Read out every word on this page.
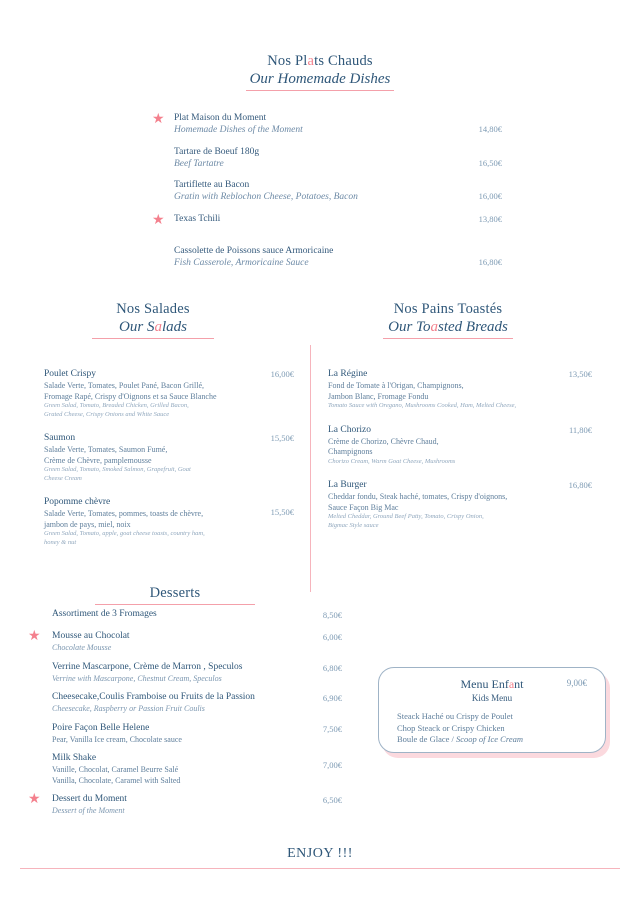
Nos Plats Chauds
Our Homemade Dishes
★ Plat Maison du Moment
Homemade Dishes of the Moment	14,80€
Tartare de Boeuf 180g
Beef Tartatre	16,50€
Tartiflette au Bacon
Gratin with Reblochon Cheese, Potatoes, Bacon	16,00€
★ Texas Tchili	13,80€
Cassolette de Poissons sauce Armoricaine
Fish Casserole, Armoricaine Sauce	16,80€
Nos Salades
Our Salads
Poulet Crispy
Salade Verte, Tomates, Poulet Pané, Bacon Grillé,
Fromage Rapé, Crispy d'Oignons et sa Sauce Blanche
Green Salad, Tomato, Breaded Chicken, Grilled Bacon,
Grated Cheese, Crispy Onions and White Sauce
16,00€
Saumon
Salade Verte, Tomates, Saumon Fumé,
Crème de Chèvre, pamplemousse
Green Salad, Tomato, Smoked Salmon, Grapefruit, Goat
Cheese Cream
15,50€
Popomme chèvre
Salade Verte, Tomates, pommes, toasts de chèvre,
jambon de pays, miel, noix
Green Salad, Tomato, apple, goat cheese toasts, country ham,
honey & nut
15,50€
Nos Pains Toastés
Our Toasted Breads
La Régine
Fond de Tomate à l'Origan, Champignons,
Jambon Blanc, Fromage Fondu
Tomato Sauce with Oregano, Mushrooms Cooked, Ham, Melted Cheese,
13,50€
La Chorizo
Crème de Chorizo, Chèvre Chaud,
Champignons
Chorizo Cream, Warm Goat Cheese, Mushrooms
11,80€
La Burger
Cheddar fondu, Steak haché, tomates, Crispy d'oignons,
Sauce Façon Big Mac
Melted Cheddar, Ground Beef Patty, Tomato, Crispy Onion,
Bigmac Style sauce
16,80€
Desserts
Assortiment de 3 Fromages	8,50€
★ Mousse au Chocolat
Chocolate Mousse
6,00€
Verrine Mascarpone, Crème de Marron , Speculos
Verrine with Mascarpone, Chestnut Cream, Speculos
6,80€
Cheesecake,Coulis Framboise ou Fruits de la Passion
Cheesecake, Raspberry or Passion Fruit Coulis
6,90€
Poire Façon Belle Helene
Pear, Vanilla Ice cream, Chocolate sauce
7,50€
Milk Shake
Vanille, Chocolat, Caramel Beurre Salé
Vanilla, Chocolate, Caramel with Salted
7,00€
★ Dessert du Moment
Dessert of the Moment
6,50€
Menu Enfant
Kids Menu
9,00€
Steack Haché ou Crispy de Poulet
Chop Steack or Crispy Chicken
Boule de Glace / Scoop of Ice Cream
ENJOY !!!
